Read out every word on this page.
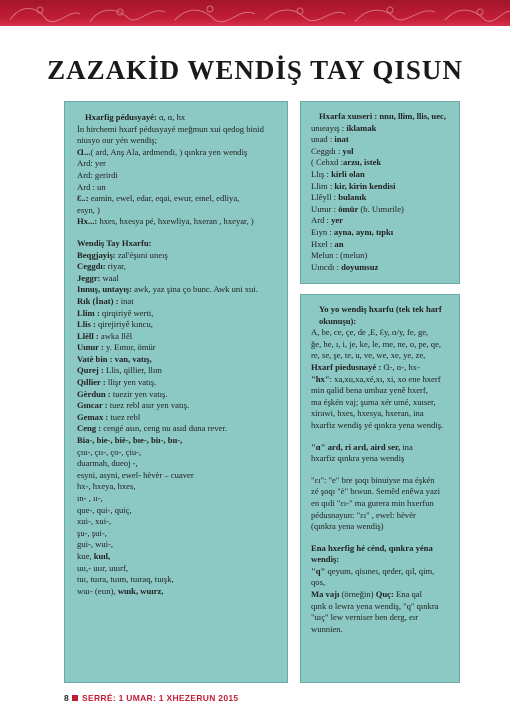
ZAZAKİD WENDİŞ TAY QISUN
Hxarfig pédusyayé: ɑ, ɑ, hx
İn hirchemi hxarf pédusyayé meğmun xui qedog binid
niusyo our yén wendiş;
Ɑ...( ard, Anş Ala, ardmendi, ) qınkra yen wendiş
Ard: yer
Ard: gerirdi
Ard : un
Ɛ..: eamin, ewel, edar, eqai, ewur, emel, edliya,
esyn, )
Hx...: hxes, hxesya pé, hxewliya, hxeran , hxeyar, )
Wendiş Tay Hxarfu:
Beqgjayiş: zal'éşuni uneış
Ceggdı: riyar,
Jeggr: waal
Innuş, untayış: awk, yaz şina ço bunc. Awk uni xui.
Rık (İnat) : inat
Llim : qirqiriyê werti,
Llis : qirejiriyê kıncu,
Llèll : awka llêl
Uımır : y. Eımır, ömür
Vatè bin : van, vatış,
Qurej : Llis, qillier, llım
Qıllier : llişr yen vatış.
Gèrdun : tuezir yen vatış.
Gıncar : tuez rebl asır yen vatış.
Gemax : tuez rebl
Ceng : cengé asın, ceng nu asıd duna rever.
Bia-, bie-, biè-, bıe-, biı-, bıı-,
çıu-, çıı-, ço-, çiu-,
duarmah, dueoj -,
esyni, asyni, ewel- hèvèr – cuaver
hx-, hxeya, hxes,
ın- , ıı-,
que-, qui-, quiç,
xui-, xui-,
şu-, şui-,
gui-, wui-,
kue, kuıl,
uıı,- uıır, uuırf,
tuı, tuıra, tuım, tuıraq, tuışk,
wuı- (eıın), wuık, wuırz,
Hxarfa xuıseri : nnıı, llim, llis, uec,
unıeayış : iklamak
unad : inat
Ceggdı : yol
( Cehxd :arzu, istek
Llış : kirli olan
Llim : kir, kirin kendisi
Llêyll : bulanık
Uımır : ömür (b. Uımırile)
Ard : yer
Eıyn : ayna, aynı, tıpkı
Hxel : an
Melun : (melun)
Uıncdı : doyumsuz
Yo yo wendiş hxarfu (tek tek harf okunuşu):
A, be, ce, çe, de ,E, Ɛy, ɑ/y, fe, ge,
ğe, he, ı, i, je, ke, le, me, ne, o, pe, qe,
re, se, şe, te, u, ve, we, xe, ye, ze,
Hxarf piedusnayé : Ɑ-, ɑ-, hx-
"hx": xa,xu,xa,xé,xı, xi, xo ene hxerf
min qalid bena umbaz yenê hxerf,
ma éşkén vaj; şuma xér umé, xuıser,
xirawi, hxes, hxesya, hxeran, ina
hxarfiz wendiş yé qınkra yena wendiş.
"ɑ" ard, ri ard, aird ser, ina
hxarfiz qınkra yena wendiş
"ɛı": "e" bre şoqı binuiyse ma éşkén
zé şoqı "è" bıwun. Semêd enêwa yazi
en qıdi "ɛı-" ma gurera min hxerfun
pédusnayun: "ɛı" , ewel: hèvèr
(qınkra yena wendiş)
Ena hxerfig hé cénd, qınkra yéna wendiş:
"q" qeyum, qisıneı, qeder, qıl, qim,
qos,
Ma vajı (örneğin) Quç: Ena qal
qınk o lewra yena wendiş, "q" qınkra
"uıç" lew verniser ben derg, eır
wunnien.
8 SERRÉ: 1 UMAR: 1 XHEZERUN 2015
